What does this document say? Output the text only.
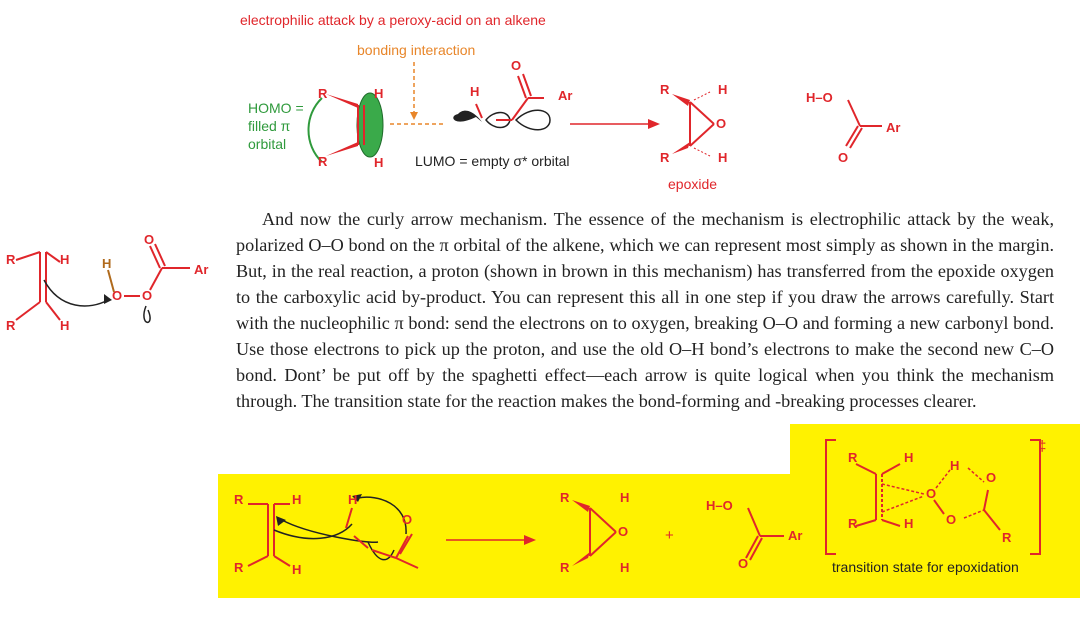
electrophilic attack by a peroxy-acid on an alkene
bonding interaction
HOMO =
filled π
orbital
R	H
R	H
H
O
Ar
LUMO = empty σ* orbital
R	H
O
R	H
epoxide
H–O
Ar
O
R	H
R	H
H
O O
O
Ar
And now the curly arrow mechanism. The essence of the mechanism is electrophilic attack by the weak, polarized O–O bond on the π orbital of the alkene, which we can represent most simply as shown in the margin. But, in the real reaction, a proton (shown in brown in this mechanism) has transferred from the epoxide oxygen to the carboxylic acid by-product. You can represent this all in one step if you draw the arrows carefully. Start with the nucleophilic π bond: send the electrons on to oxygen, breaking O–O and forming a new carbonyl bond. Use those electrons to pick up the proton, and use the old O–H bond’s electrons to make the second new C–O bond. Dont’ be put off by the spaghetti effect—each arrow is quite logical when you think the mechanism through. The transition state for the reaction makes the bond-forming and -breaking processes clearer.
R	H
R	H
H
O
R	H
O
R	H
+
H–O
Ar
O
‡
R	H
H
O
O
O
R	H
R
transition state for epoxidation
